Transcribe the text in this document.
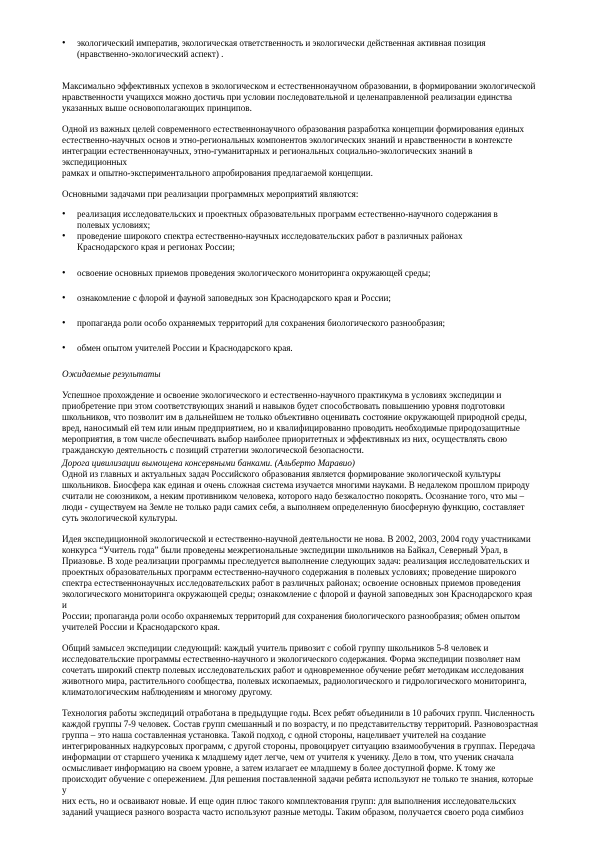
• экологический императив, экологическая ответственность и экологически действенная активная позиция
(нравственно-экологический аспект) .

Максимально эффективных успехов в экологическом и естественнонаучном образовании, в формировании экологической
нравственности учащихся можно достичь при условии последовательной и целенаправленной реализации единства
указанных выше основополагающих принципов.

Одной из важных целей современного естественнонаучного образования разработка концепции формирования единых
естественно-научных основ и этно-региональных компонентов экологических знаний и нравственности в контексте
интеграции естественнонаучных, этно-гуманитарных и региональных социально-экологических знаний в экспедиционных
рамках и опытно-экспериментального апробирования предлагаемой концепции.

Основными задачами при реализации программных мероприятий являются:

• реализация исследовательских и проектных образовательных программ естественно-научного содержания в
полевых условиях;
• проведение широкого спектра естественно-научных исследовательских работ в различных районах
Краснодарского края и регионах России;
• освоение основных приемов проведения экологического мониторинга окружающей среды;
• ознакомление с флорой и фауной заповедных зон Краснодарского края и России;
• пропаганда роли особо охраняемых территорий для сохранения биологического разнообразия;
• обмен опытом учителей России и Краснодарского края.

Ожидаемые результаты

Успешное прохождение и освоение экологического и естественно-научного практикума в условиях экспедиции и
приобретение при этом соответствующих знаний и навыков будет способствовать повышению уровня подготовки
школьников, что позволит им в дальнейшем не только объективно оценивать состояние окружающей природной среды,
вред, наносимый ей тем или иным предприятием, но и квалифицированно проводить необходимые природозащитные
мероприятия, в том числе обеспечивать выбор наиболее приоритетных и эффективных из них, осуществлять свою
гражданскую деятельность с позиций стратегии экологической безопасности.

Дорога цивилизации вымощена консервными банками. (Альберто Маравио)

Одной из главных и актуальных задач Российского образования является формирование экологической культуры
школьников. Биосфера как единая и очень сложная система изучается многими науками. В недалеком прошлом природу
считали не союзником, а неким противником человека, которого надо безжалостно покорять. Осознание того, что мы –
люди - существуем на Земле не только ради самих себя, а выполняем определенную биосферную функцию, составляет
суть экологической культуры.

Идея экспедиционной экологической и естественно-научной деятельности не нова. В 2002, 2003, 2004 году участниками
конкурса “Учитель года” были проведены межрегиональные экспедиции школьников на Байкал, Северный Урал, в
Приазовье. В ходе реализации программы преследуется выполнение следующих задач: реализация исследовательских и
проектных образовательных программ естественно-научного содержания в полевых условиях; проведение широкого
спектра естественнонаучных исследовательских работ в различных районах; освоение основных приемов проведения
экологического мониторинга окружающей среды; ознакомление с флорой и фауной заповедных зон Краснодарского края и
России; пропаганда роли особо охраняемых территорий для сохранения биологического разнообразия; обмен опытом
учителей России и Краснодарского края.

Общий замысел экспедиции следующий: каждый учитель привозит с собой группу школьников 5-8 человек и
исследовательские программы естественно-научного и экологического содержания. Форма экспедиции позволяет нам
сочетать широкий спектр полевых исследовательских работ и одновременное обучение ребят методикам исследования
животного мира, растительного сообщества, полевых ископаемых, радиологического и гидрологического мониторинга,
климатологическим наблюдениям и многому другому.

Технология работы экспедиций отработана в предыдущие годы. Всех ребят объединили в 10 рабочих групп. Численность
каждой группы 7-9 человек. Состав групп смешанный и по возрасту, и по представительству территорий. Разновозрастная
группа – это наша составленная установка. Такой подход, с одной стороны, нацеливает учителей на создание
интегрированных надкурсовых программ, с другой стороны, провоцирует ситуацию взаимообучения в группах. Передача
информации от старшего ученика к младшему идет легче, чем от учителя к ученику. Дело в том, что ученик сначала
осмысливает информацию на своем уровне, а затем излагает ее младшему в более доступной форме. К тому же
происходит обучение с опережением. Для решения поставленной задачи ребята используют не только те знания, которые у
них есть, но и осваивают новые. И еще один плюс такого комплектования групп: для выполнения исследовательских
заданий учащиеся разного возраста часто используют разные методы. Таким образом, получается своего рода симбиоз
